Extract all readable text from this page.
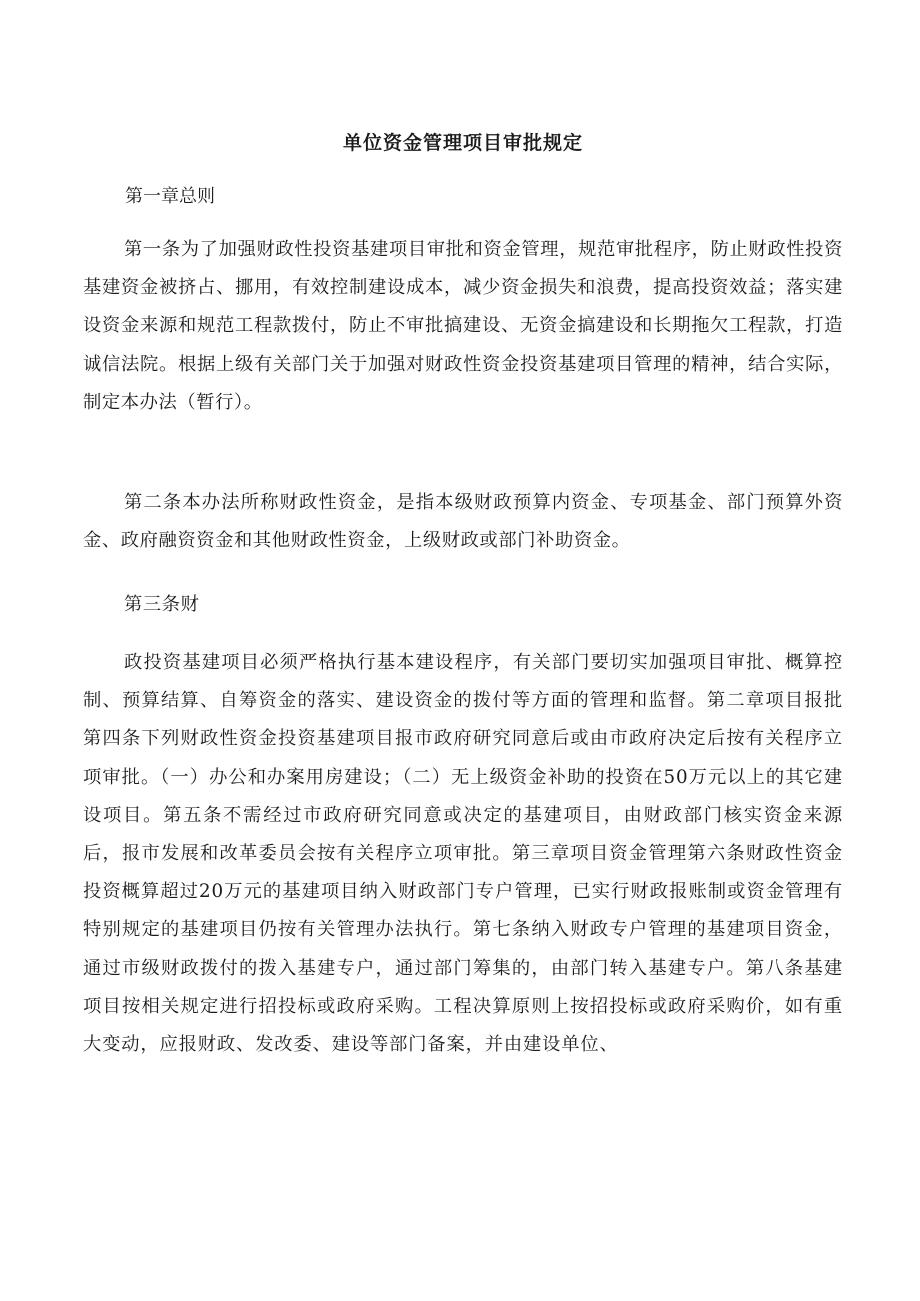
单位资金管理项目审批规定

第一章总则

第一条为了加强财政性投资基建项目审批和资金管理，规范审批程序，防止财政性投资基建资金被挤占、挪用，有效控制建设成本，减少资金损失和浪费，提高投资效益；落实建设资金来源和规范工程款拨付，防止不审批搞建设、无资金搞建设和长期拖欠工程款，打造诚信法院。根据上级有关部门关于加强对财政性资金投资基建项目管理的精神，结合实际，制定本办法（暂行）。

第二条本办法所称财政性资金，是指本级财政预算内资金、专项基金、部门预算外资金、政府融资资金和其他财政性资金，上级财政或部门补助资金。

第三条财

政投资基建项目必须严格执行基本建设程序，有关部门要切实加强项目审批、概算控制、预算结算、自筹资金的落实、建设资金的拨付等方面的管理和监督。第二章项目报批第四条下列财政性资金投资基建项目报市政府研究同意后或由市政府决定后按有关程序立项审批。（一）办公和办案用房建设；（二）无上级资金补助的投资在50万元以上的其它建设项目。第五条不需经过市政府研究同意或决定的基建项目，由财政部门核实资金来源后，报市发展和改革委员会按有关程序立项审批。第三章项目资金管理第六条财政性资金投资概算超过20万元的基建项目纳入财政部门专户管理，已实行财政报账制或资金管理有特别规定的基建项目仍按有关管理办法执行。第七条纳入财政专户管理的基建项目资金，通过市级财政拨付的拨入基建专户，通过部门筹集的，由部门转入基建专户。第八条基建项目按相关规定进行招投标或政府采购。工程决算原则上按招投标或政府采购价，如有重大变动，应报财政、发改委、建设等部门备案，并由建设单位、
